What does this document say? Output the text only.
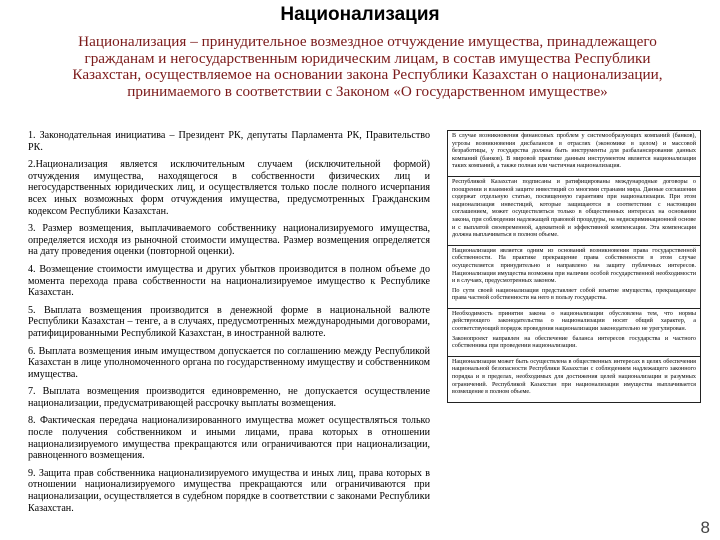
Национализация
Национализация – принудительное возмездное отчуждение имущества, принадлежащего гражданам и негосударственным юридическим лицам, в состав имущества Республики Казахстан, осуществляемое на основании закона Республики Казахстан о национализации, принимаемого в соответствии с Законом «О государственном имуществе»

1. Законодательная инициатива – Президент РК, депутаты Парламента РК, Правительство РК.

2.Национализация является исключительным случаем (исключительной формой) отчуждения имущества, находящегося в собственности физических лиц и негосударственных юридических лиц, и осуществляется только после полного исчерпания всех иных возможных форм отчуждения имущества, предусмотренных Гражданским кодексом Республики Казахстан.

3. Размер возмещения, выплачиваемого собственнику национализируемого имущества, определяется исходя из рыночной стоимости имущества. Размер возмещения определяется на дату проведения оценки (повторной оценки).

4. Возмещение стоимости имущества и других убытков производится в полном объеме до момента перехода права собственности на национализируемое имущество к Республике Казахстан.

5. Выплата возмещения производится в денежной форме в национальной валюте Республики Казахстан – тенге, а в случаях, предусмотренных международными договорами, ратифицированными Республикой Казахстан, в иностранной валюте.

6. Выплата возмещения иным имуществом допускается по соглашению между Республикой Казахстан в лице уполномоченного органа по государственному имуществу и собственником имущества.

7. Выплата возмещения производится единовременно, не допускается осуществление национализации, предусматривающей рассрочку выплаты возмещения.

8. Фактическая передача национализированного имущества может осуществляться только после получения собственником и иными лицами, права которых в отношении национализируемого имущества прекращаются или ограничиваются при национализации, равноценного возмещения.

9. Защита прав собственника национализируемого имущества и иных лиц, права которых в отношении национализируемого имущества прекращаются или ограничиваются при национализации, осуществляется в судебном порядке в соответствии с законами Республики Казахстан.

В случае возникновения финансовых проблем у системообразующих компаний (банков), угрозы возникновения дисбалансов в отраслях (экономике в целом) и массовой безработицы, у государства должна быть инструменты для разбалансирования данных компаний (банков). В мировой практике данным инструментом является национализация таких компаний, а также полная или частичная национализация.

Республикой Казахстан подписаны и ратифицированы международные договоры о поощрении и взаимной защите инвестиций со многими странами мира. Данные соглашения содержат отдельную статью, посвященную гарантиям при национализации. При этом национализация инвестиций, которые защищаются в соответствии с настоящим соглашением, может осуществляться только в общественных интересах на основании закона, при соблюдении надлежащей правовой процедуры, на недискриминационной основе и с выплатой своевременной, адекватной и эффективной компенсации. Эта компенсация должна выплачиваться в полном объеме.

Национализация является одним из оснований возникновения права государственной собственности. На практике прекращение права собственности в этом случае осуществляется принудительно и направлено на защиту публичных интересов. Национализация имущества возможна при наличии особой государственной необходимости и в случаях, предусмотренных законом.

По сути своей национализация представляет собой изъятие имущества, прекращающее права частной собственности на него в пользу государства.

Необходимость принятия закона о национализации обусловлена тем, что нормы действующего законодательства о национализации носят общий характер, а соответствующий порядок проведения национализации законодательно не урегулирован.

Законопроект направлен на обеспечение баланса интересов государства и частного собственника при проведении национализации.

Национализация может быть осуществлена в общественных интересах в целях обеспечения национальной безопасности Республики Казахстан с соблюдением надлежащего законного порядка и в пределах, необходимых для достижения целей национализации и разумных ограничений. Республикой Казахстан при национализации имущества выплачивается возмещение в полном объеме.

8
